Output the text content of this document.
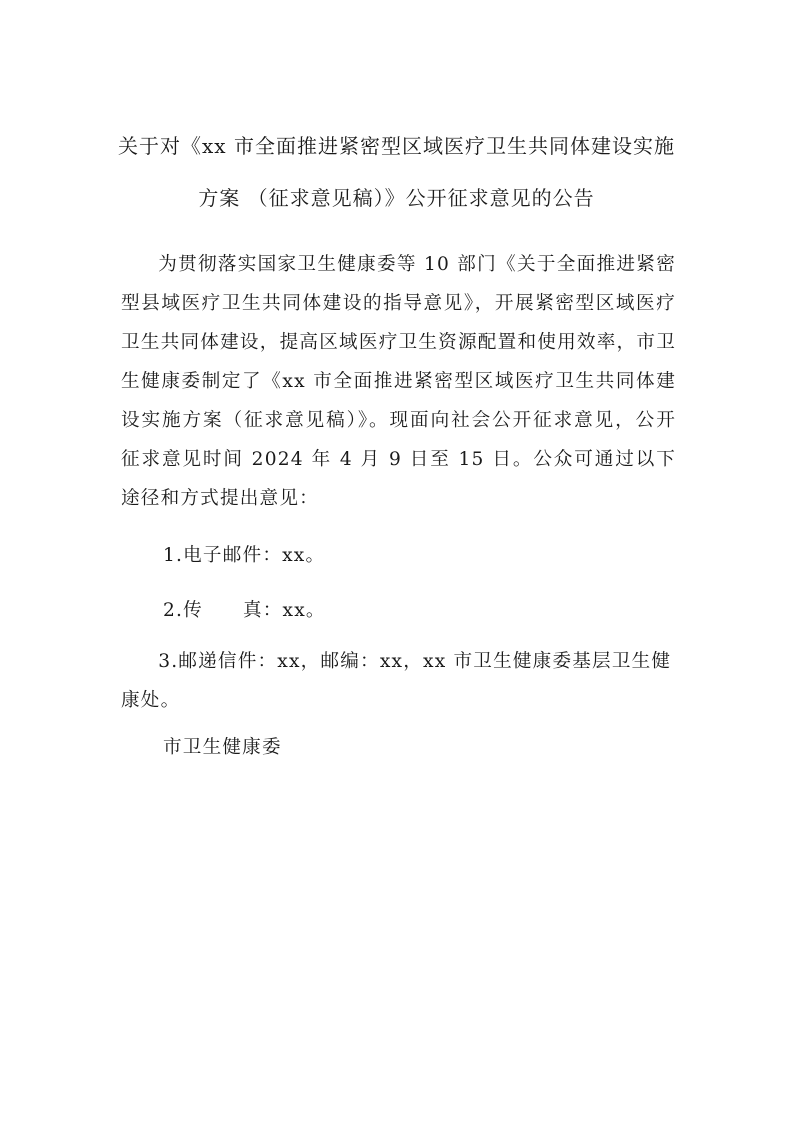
关于对《xx 市全面推进紧密型区域医疗卫生共同体建设实施
方案 （征求意见稿）》公开征求意见的公告
为贯彻落实国家卫生健康委等 10 部门《关于全面推进紧密型县域医疗卫生共同体建设的指导意见》，开展紧密型区域医疗卫生共同体建设，提高区域医疗卫生资源配置和使用效率，市卫生健康委制定了《xx 市全面推进紧密型区域医疗卫生共同体建设实施方案（征求意见稿）》。现面向社会公开征求意见，公开征求意见时间 2024 年 4 月 9 日至 15 日。公众可通过以下途径和方式提出意见：
1.电子邮件：xx。
2.传 真：xx。
3.邮递信件：xx，邮编：xx，xx 市卫生健康委基层卫生健康处。
市卫生健康委
